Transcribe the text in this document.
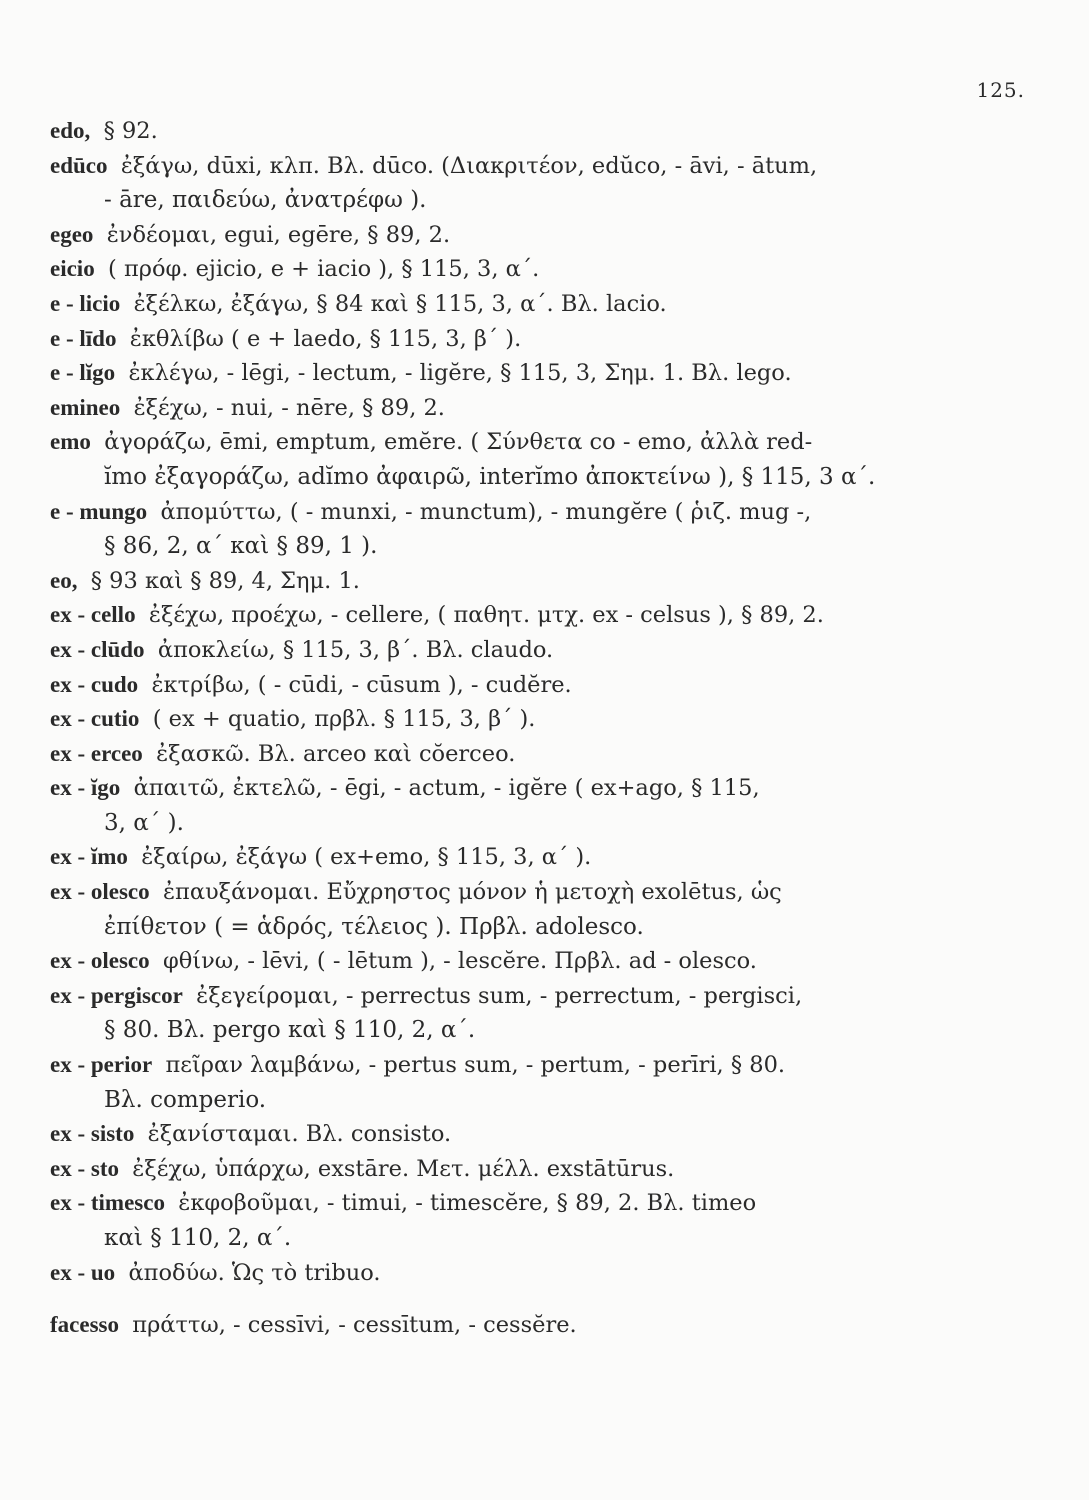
125.
edo, § 92.
edūco ἐξάγω, dūxi, κλπ. Βλ. dūco. (Διακριτέον, edŭco, - āvi, - ātum,
- āre, παιδεύω, ἀνατρέφω ).
egeo ἐνδέομαι, egui, egēre, § 89, 2.
eicio ( πρόφ. ejicio, e + iacio ), § 115, 3, α΄.
e - licio ἐξέλκω, ἐξάγω, § 84 καὶ § 115, 3, α΄. Βλ. lacio.
e - līdo ἐκθλίβω ( e + laedo, § 115, 3, β΄ ).
e - lĭgo ἐκλέγω, - lēgi, - lectum, - ligĕre, § 115, 3, Σημ. 1. Βλ. lego.
emineo ἐξέχω, - nui, - nēre, § 89, 2.
emo ἀγοράζω, ēmi, emptum, emĕre. ( Σύνθετα co - emo, ἀλλὰ red-
ĭmo ἐξαγοράζω, adĭmo ἀφαιρῶ, interĭmo ἀποκτείνω ), § 115, 3 α΄.
e - mungo ἀπομύττω, ( - munxi, - munctum), - mungĕre ( ῥιζ. mug -,
§ 86, 2, α΄ καὶ § 89, 1 ).
eo, § 93 καὶ § 89, 4, Σημ. 1.
ex - cello ἐξέχω, προέχω, - cellere, ( παθητ. μτχ. ex - celsus ), § 89, 2.
ex - clūdo ἀποκλείω, § 115, 3, β΄. Βλ. claudo.
ex - cudo ἐκτρίβω, ( - cūdi, - cūsum ), - cudĕre.
ex - cutio ( ex + quatio, πρβλ. § 115, 3, β΄ ).
ex - erceo ἐξασκῶ. Βλ. arceo καὶ cŏerceo.
ex - ĭgo ἀπαιτῶ, ἐκτελῶ, - ēgi, - actum, - igĕre ( ex+ago, § 115,
3, α΄ ).
ex - ĭmo ἐξαίρω, ἐξάγω ( ex+emo, § 115, 3, α΄ ).
ex - olesco ἐπαυξάνομαι. Εὔχρηστος μόνον ἡ μετοχὴ exolētus, ὡς
ἐπίθετον ( = ἁδρός, τέλειος ). Πρβλ. adolesco.
ex - olesco φθίνω, - lēvi, ( - lētum ), - lescĕre. Πρβλ. ad - olesco.
ex - pergiscor ἐξεγείρομαι, - perrectus sum, - perrectum, - pergisci,
§ 80. Βλ. pergo καὶ § 110, 2, α΄.
ex - perior πεῖραν λαμβάνω, - pertus sum, - pertum, - perīri, § 80.
Βλ. comperio.
ex - sisto ἐξανίσταμαι. Βλ. consisto.
ex - sto ἐξέχω, ὑπάρχω, exstāre. Μετ. μέλλ. exstātūrus.
ex - timesco ἐκφοβοῦμαι, - timui, - timescĕre, § 89, 2. Βλ. timeo
καὶ § 110, 2, α΄.
ex - uo ἀποδύω. Ὡς τὸ tribuo.
facesso πράττω, - cessīvi, - cessītum, - cessĕre.
